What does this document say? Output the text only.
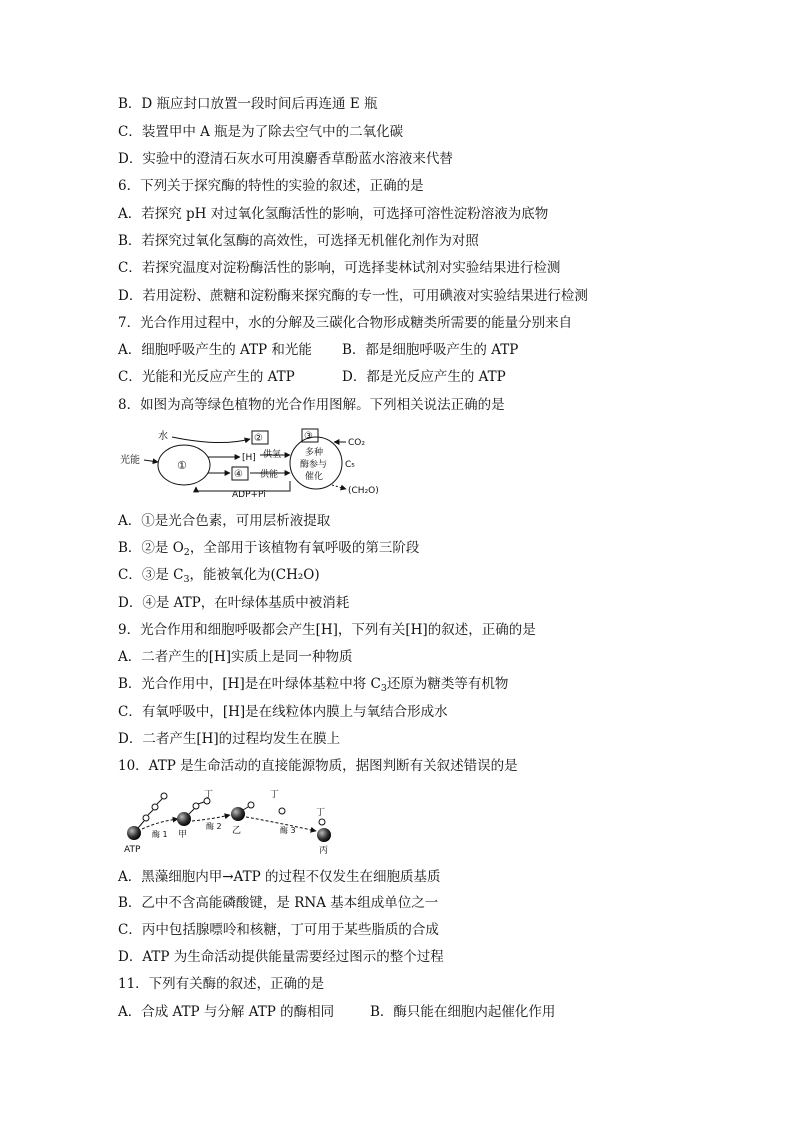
B．D 瓶应封口放置一段时间后再连通 E 瓶
C．装置甲中 A 瓶是为了除去空气中的二氧化碳
D．实验中的澄清石灰水可用溴麝香草酚蓝水溶液来代替
6．下列关于探究酶的特性的实验的叙述，正确的是
A．若探究 pH 对过氧化氢酶活性的影响，可选择可溶性淀粉溶液为底物
B．若探究过氧化氢酶的高效性，可选择无机催化剂作为对照
C．若探究温度对淀粉酶活性的影响，可选择斐林试剂对实验结果进行检测
D．若用淀粉、蔗糖和淀粉酶来探究酶的专一性，可用碘液对实验结果进行检测
7．光合作用过程中，水的分解及三碳化合物形成糖类所需要的能量分别来自
A．细胞呼吸产生的 ATP 和光能 B．都是细胞呼吸产生的 ATP
C．光能和光反应产生的 ATP	D．都是光反应产生的 ATP
8．如图为高等绿色植物的光合作用图解。下列相关说法正确的是
①
光能
水	②
[H] 供氢
④ 供能
ADP+Pi
③
多种
酶参与
催化
CO₂
C₅
(CH₂O)
A．①是光合色素，可用层析液提取
B．②是 $O_2$，全部用于该植物有氧呼吸的第三阶段
C．③是 $C_3$，能被氧化为(CH₂O)
D．④是 ATP，在叶绿体基质中被消耗
9．光合作用和细胞呼吸都会产生[H]，下列有关[H]的叙述，正确的是
A．二者产生的[H]实质上是同一种物质
B．光合作用中，[H]是在叶绿体基粒中将 $C_3$还原为糖类等有机物
C．有氧呼吸中，[H]是在线粒体内膜上与氧结合形成水
D．二者产生[H]的过程均发生在膜上
10．ATP 是生命活动的直接能源物质，据图判断有关叙述错误的是
ATP
酶 1 甲
丁
酶 2 乙
丁
丁
酶 3
丙
A．黑藻细胞内甲→ATP 的过程不仅发生在细胞质基质
B．乙中不含高能磷酸键，是 RNA 基本组成单位之一
C．丙中包括腺嘌呤和核糖，丁可用于某些脂质的合成
D．ATP 为生命活动提供能量需要经过图示的整个过程
11．下列有关酶的叙述，正确的是
A．合成 ATP 与分解 ATP 的酶相同	B．酶只能在细胞内起催化作用
